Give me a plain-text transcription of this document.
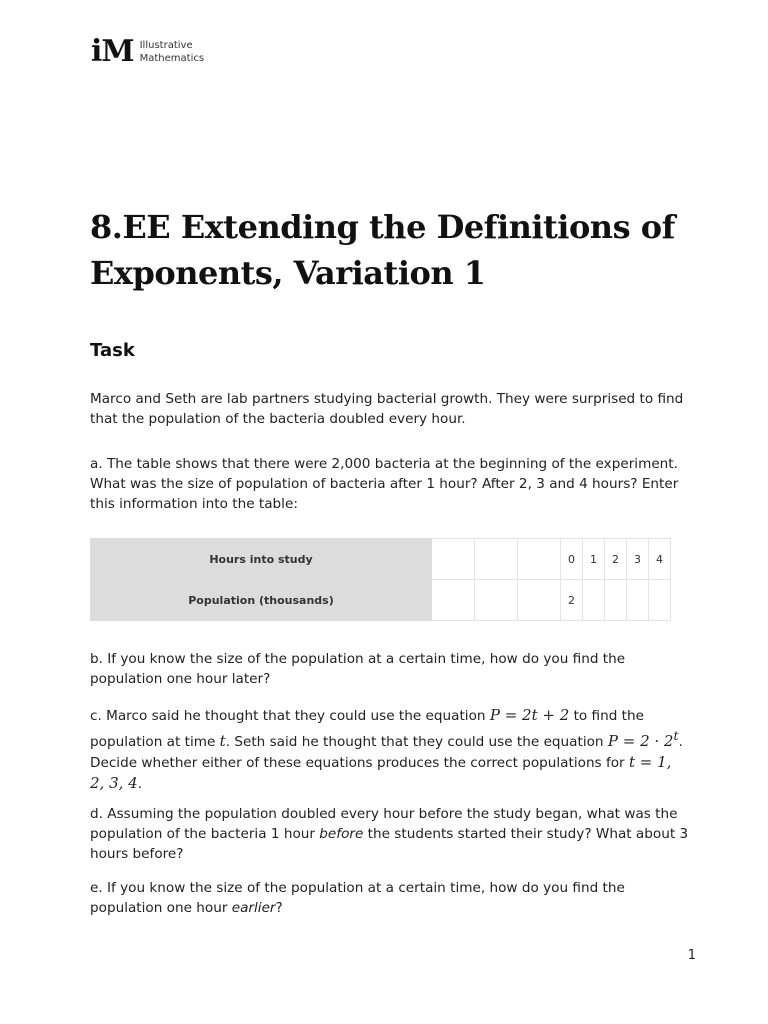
iM Illustrative
Mathematics
8.EE Extending the Definitions of Exponents, Variation 1
Task

Marco and Seth are lab partners studying bacterial growth. They were surprised to find that the population of the bacteria doubled every hour.

a. The table shows that there were 2,000 bacteria at the beginning of the experiment. What was the size of population of bacteria after 1 hour? After 2, 3 and 4 hours? Enter this information into the table:

Hours into study				0	1	2	3	4
Population (thousands)				2				

b. If you know the size of the population at a certain time, how do you find the population one hour later?

c. Marco said he thought that they could use the equation P = 2t + 2 to find the population at time t. Seth said he thought that they could use the equation $P = 2 \cdot 2^t$. Decide whether either of these equations produces the correct populations for t = 1, 2, 3, 4.

d. Assuming the population doubled every hour before the study began, what was the population of the bacteria 1 hour before the students started their study? What about 3 hours before?

e. If you know the size of the population at a certain time, how do you find the population one hour earlier?

1
